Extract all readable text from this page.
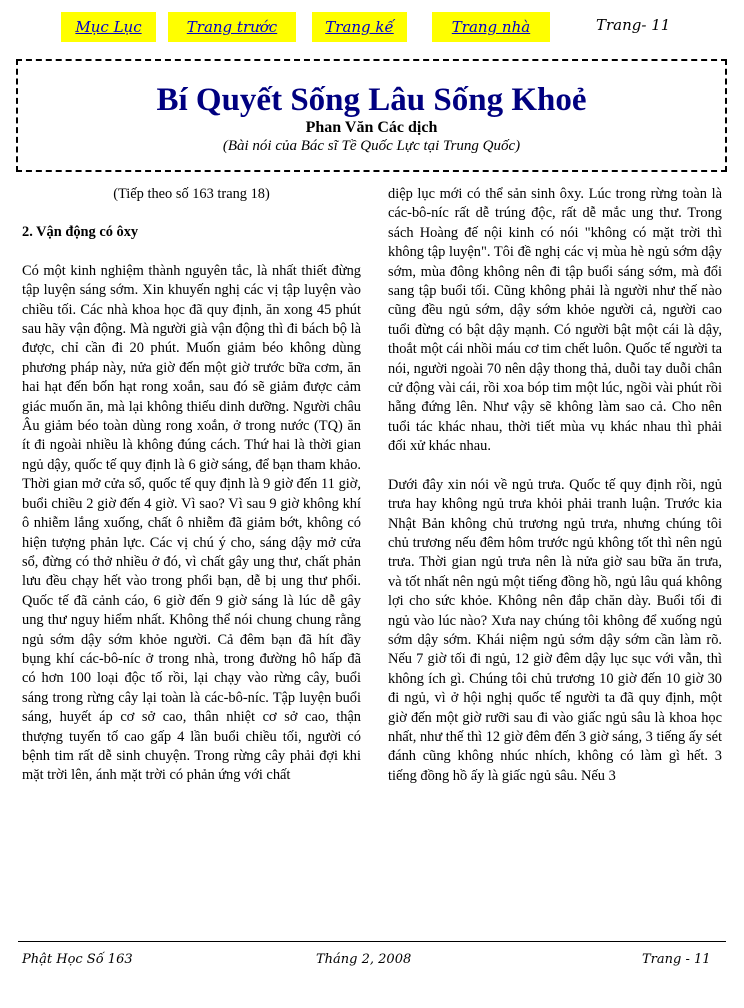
Mục Lục	Trang trước	Trang kế	Trang nhà	Trang- 11
Bí Quyết Sống Lâu Sống Khoẻ
Phan Văn Các dịch
(Bài nói của Bác sĩ Tề Quốc Lực tại Trung Quốc)

(Tiếp theo số 163 trang 18)

2. Vận động có ôxy

Có một kinh nghiệm thành nguyên tắc, là nhất thiết đừng tập luyện sáng sớm. Xin khuyến nghị các vị tập luyện vào chiều tối. Các nhà khoa học đã quy định, ăn xong 45 phút sau hãy vận động. Mà người già vận động thì đi bách bộ là được, chỉ cần đi 20 phút. Muốn giảm béo không dùng phương pháp này, nửa giờ đến một giờ trước bữa cơm, ăn hai hạt đến bốn hạt rong xoắn, sau đó sẽ giảm được cảm giác muốn ăn, mà lại không thiếu dinh dưỡng. Người châu Âu giảm béo toàn dùng rong xoắn, ở trong nước (TQ) ăn ít đi ngoài nhiều là không đúng cách. Thứ hai là thời gian ngủ dậy, quốc tế quy định là 6 giờ sáng, để bạn tham khảo. Thời gian mở cửa sổ, quốc tế quy định là 9 giờ đến 11 giờ, buổi chiều 2 giờ đến 4 giờ. Vì sao? Vì sau 9 giờ không khí ô nhiễm lắng xuống, chất ô nhiễm đã giảm bớt, không có hiện tượng phản lực. Các vị chú ý cho, sáng dậy mở cửa sổ, đừng có thở nhiều ở đó, vì chất gây ung thư, chất phản lưu đều chạy hết vào trong phổi bạn, dễ bị ung thư phổi. Quốc tế đã cảnh cáo, 6 giờ đến 9 giờ sáng là lúc dễ gây ung thư nguy hiểm nhất. Không thể nói chung chung rằng ngủ sớm dậy sớm khỏe người. Cả đêm bạn đã hít đầy bụng khí các-bô-níc ở trong nhà, trong đường hô hấp đã có hơn 100 loại độc tố rồi, lại chạy vào rừng cây, buổi sáng trong rừng cây lại toàn là các-bô-níc. Tập luyện buổi sáng, huyết áp cơ sở cao, thân nhiệt cơ sở cao, thận thượng tuyến tố cao gấp 4 lần buổi chiều tối, người có bệnh tim rất dễ sinh chuyện. Trong rừng cây phải đợi khi mặt trời lên, ánh mặt trời có phản ứng với chất

diệp lục mới có thể sản sinh ôxy. Lúc trong rừng toàn là các-bô-níc rất dễ trúng độc, rất dễ mắc ung thư. Trong sách Hoàng đế nội kinh có nói "không có mặt trời thì không tập luyện". Tôi đề nghị các vị mùa hè ngủ sớm dậy sớm, mùa đông không nên đi tập buổi sáng sớm, mà đổi sang tập buổi tối. Cũng không phải là người như thế nào cũng đều ngủ sớm, dậy sớm khỏe người cả, người cao tuổi đừng có bật dậy mạnh. Có người bật một cái là dậy, thoắt một cái nhồi máu cơ tim chết luôn. Quốc tế người ta nói, người ngoài 70 nên dậy thong thả, duỗi tay duỗi chân cử động vài cái, rồi xoa bóp tim một lúc, ngồi vài phút rồi hẵng đứng lên. Như vậy sẽ không làm sao cả. Cho nên tuổi tác khác nhau, thời tiết mùa vụ khác nhau thì phải đối xử khác nhau.

Dưới đây xin nói về ngủ trưa. Quốc tế quy định rồi, ngủ trưa hay không ngủ trưa khỏi phải tranh luận. Trước kia Nhật Bản không chủ trương ngủ trưa, nhưng chúng tôi chủ trương nếu đêm hôm trước ngủ không tốt thì nên ngủ trưa. Thời gian ngủ trưa nên là nửa giờ sau bữa ăn trưa, và tốt nhất nên ngủ một tiếng đồng hồ, ngủ lâu quá không lợi cho sức khỏe. Không nên đắp chăn dày. Buổi tối đi ngủ vào lúc nào? Xưa nay chúng tôi không để xuống ngủ sớm dậy sớm. Khái niệm ngủ sớm dậy sớm cần làm rõ. Nếu 7 giờ tối đi ngủ, 12 giờ đêm dậy lục sục với vẫn, thì không ích gì. Chúng tôi chủ trương 10 giờ đến 10 giờ 30 đi ngủ, vì ở hội nghị quốc tế người ta đã quy định, một giờ đến một giờ rưỡi sau đi vào giấc ngủ sâu là khoa học nhất, như thế thì 12 giờ đêm đến 3 giờ sáng, 3 tiếng ấy sét đánh cũng không nhúc nhích, không có làm gì hết. 3 tiếng đồng hồ ấy là giấc ngủ sâu. Nếu 3

Phật Học Số 163	Tháng 2, 2008	Trang - 11
